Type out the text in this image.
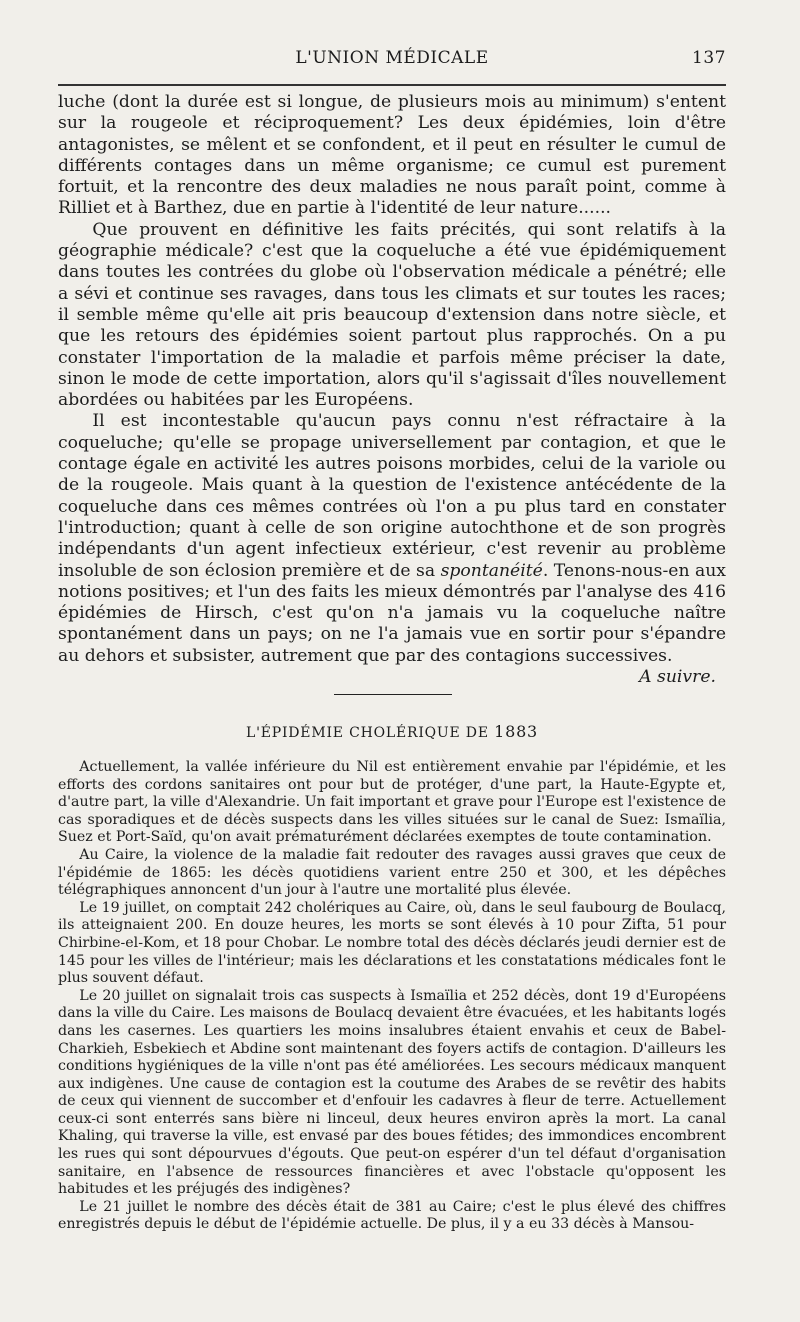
L'UNION MÉDICALE	137

luche (dont la durée est si longue, de plusieurs mois au minimum) s'entent sur la rougeole et réciproquement? Les deux épidémies, loin d'être antagonistes, se mêlent et se confondent, et il peut en résulter le cumul de différents contages dans un même organisme; ce cumul est purement fortuit, et la rencontre des deux maladies ne nous paraît point, comme à Rilliet et à Barthez, due en partie à l'identité de leur nature......

Que prouvent en définitive les faits précités, qui sont relatifs à la géographie médicale? c'est que la coqueluche a été vue épidémiquement dans toutes les contrées du globe où l'observation médicale a pénétré; elle a sévi et continue ses ravages, dans tous les climats et sur toutes les races; il semble même qu'elle ait pris beaucoup d'extension dans notre siècle, et que les retours des épidémies soient partout plus rapprochés. On a pu constater l'importation de la maladie et parfois même préciser la date, sinon le mode de cette importation, alors qu'il s'agissait d'îles nouvellement abordées ou habitées par les Européens.

Il est incontestable qu'aucun pays connu n'est réfractaire à la coqueluche; qu'elle se propage universellement par contagion, et que le contage égale en activité les autres poisons morbides, celui de la variole ou de la rougeole. Mais quant à la question de l'existence antécédente de la coqueluche dans ces mêmes contrées où l'on a pu plus tard en constater l'introduction; quant à celle de son origine autochthone et de son progrès indépendants d'un agent infectieux extérieur, c'est revenir au problème insoluble de son éclosion première et de sa spontanéité. Tenons-nous-en aux notions positives; et l'un des faits les mieux démontrés par l'analyse des 416 épidémies de Hirsch, c'est qu'on n'a jamais vu la coqueluche naître spontanément dans un pays; on ne l'a jamais vue en sortir pour s'épandre au dehors et subsister, autrement que par des contagions successives.

A suivre.

L'ÉPIDÉMIE CHOLÉRIQUE DE 1883

Actuellement, la vallée inférieure du Nil est entièrement envahie par l'épidémie, et les efforts des cordons sanitaires ont pour but de protéger, d'une part, la Haute-Egypte et, d'autre part, la ville d'Alexandrie. Un fait important et grave pour l'Europe est l'existence de cas sporadiques et de décès suspects dans les villes situées sur le canal de Suez: Ismaïlia, Suez et Port-Saïd, qu'on avait prématurément déclarées exemptes de toute contamination.

Au Caire, la violence de la maladie fait redouter des ravages aussi graves que ceux de l'épidémie de 1865: les décès quotidiens varient entre 250 et 300, et les dépêches télégraphiques annoncent d'un jour à l'autre une mortalité plus élevée.

Le 19 juillet, on comptait 242 cholériques au Caire, où, dans le seul faubourg de Boulacq, ils atteignaient 200. En douze heures, les morts se sont élevés à 10 pour Zifta, 51 pour Chirbine-el-Kom, et 18 pour Chobar. Le nombre total des décès déclarés jeudi dernier est de 145 pour les villes de l'intérieur; mais les déclarations et les constatations médicales font le plus souvent défaut.

Le 20 juillet on signalait trois cas suspects à Ismaïlia et 252 décès, dont 19 d'Européens dans la ville du Caire. Les maisons de Boulacq devaient être évacuées, et les habitants logés dans les casernes. Les quartiers les moins insalubres étaient envahis et ceux de Babel-Charkieh, Esbekiech et Abdine sont maintenant des foyers actifs de contagion. D'ailleurs les conditions hygiéniques de la ville n'ont pas été améliorées. Les secours médicaux manquent aux indigènes. Une cause de contagion est la coutume des Arabes de se revêtir des habits de ceux qui viennent de succomber et d'enfouir les cadavres à fleur de terre. Actuellement ceux-ci sont enterrés sans bière ni linceul, deux heures environ après la mort. La canal Khaling, qui traverse la ville, est envasé par des boues fétides; des immondices encombrent les rues qui sont dépourvues d'égouts. Que peut-on espérer d'un tel défaut d'organisation sanitaire, en l'absence de ressources financières et avec l'obstacle qu'opposent les habitudes et les préjugés des indigènes?

Le 21 juillet le nombre des décès était de 381 au Caire; c'est le plus élevé des chiffres enregistrés depuis le début de l'épidémie actuelle. De plus, il y a eu 33 décès à Mansou-
